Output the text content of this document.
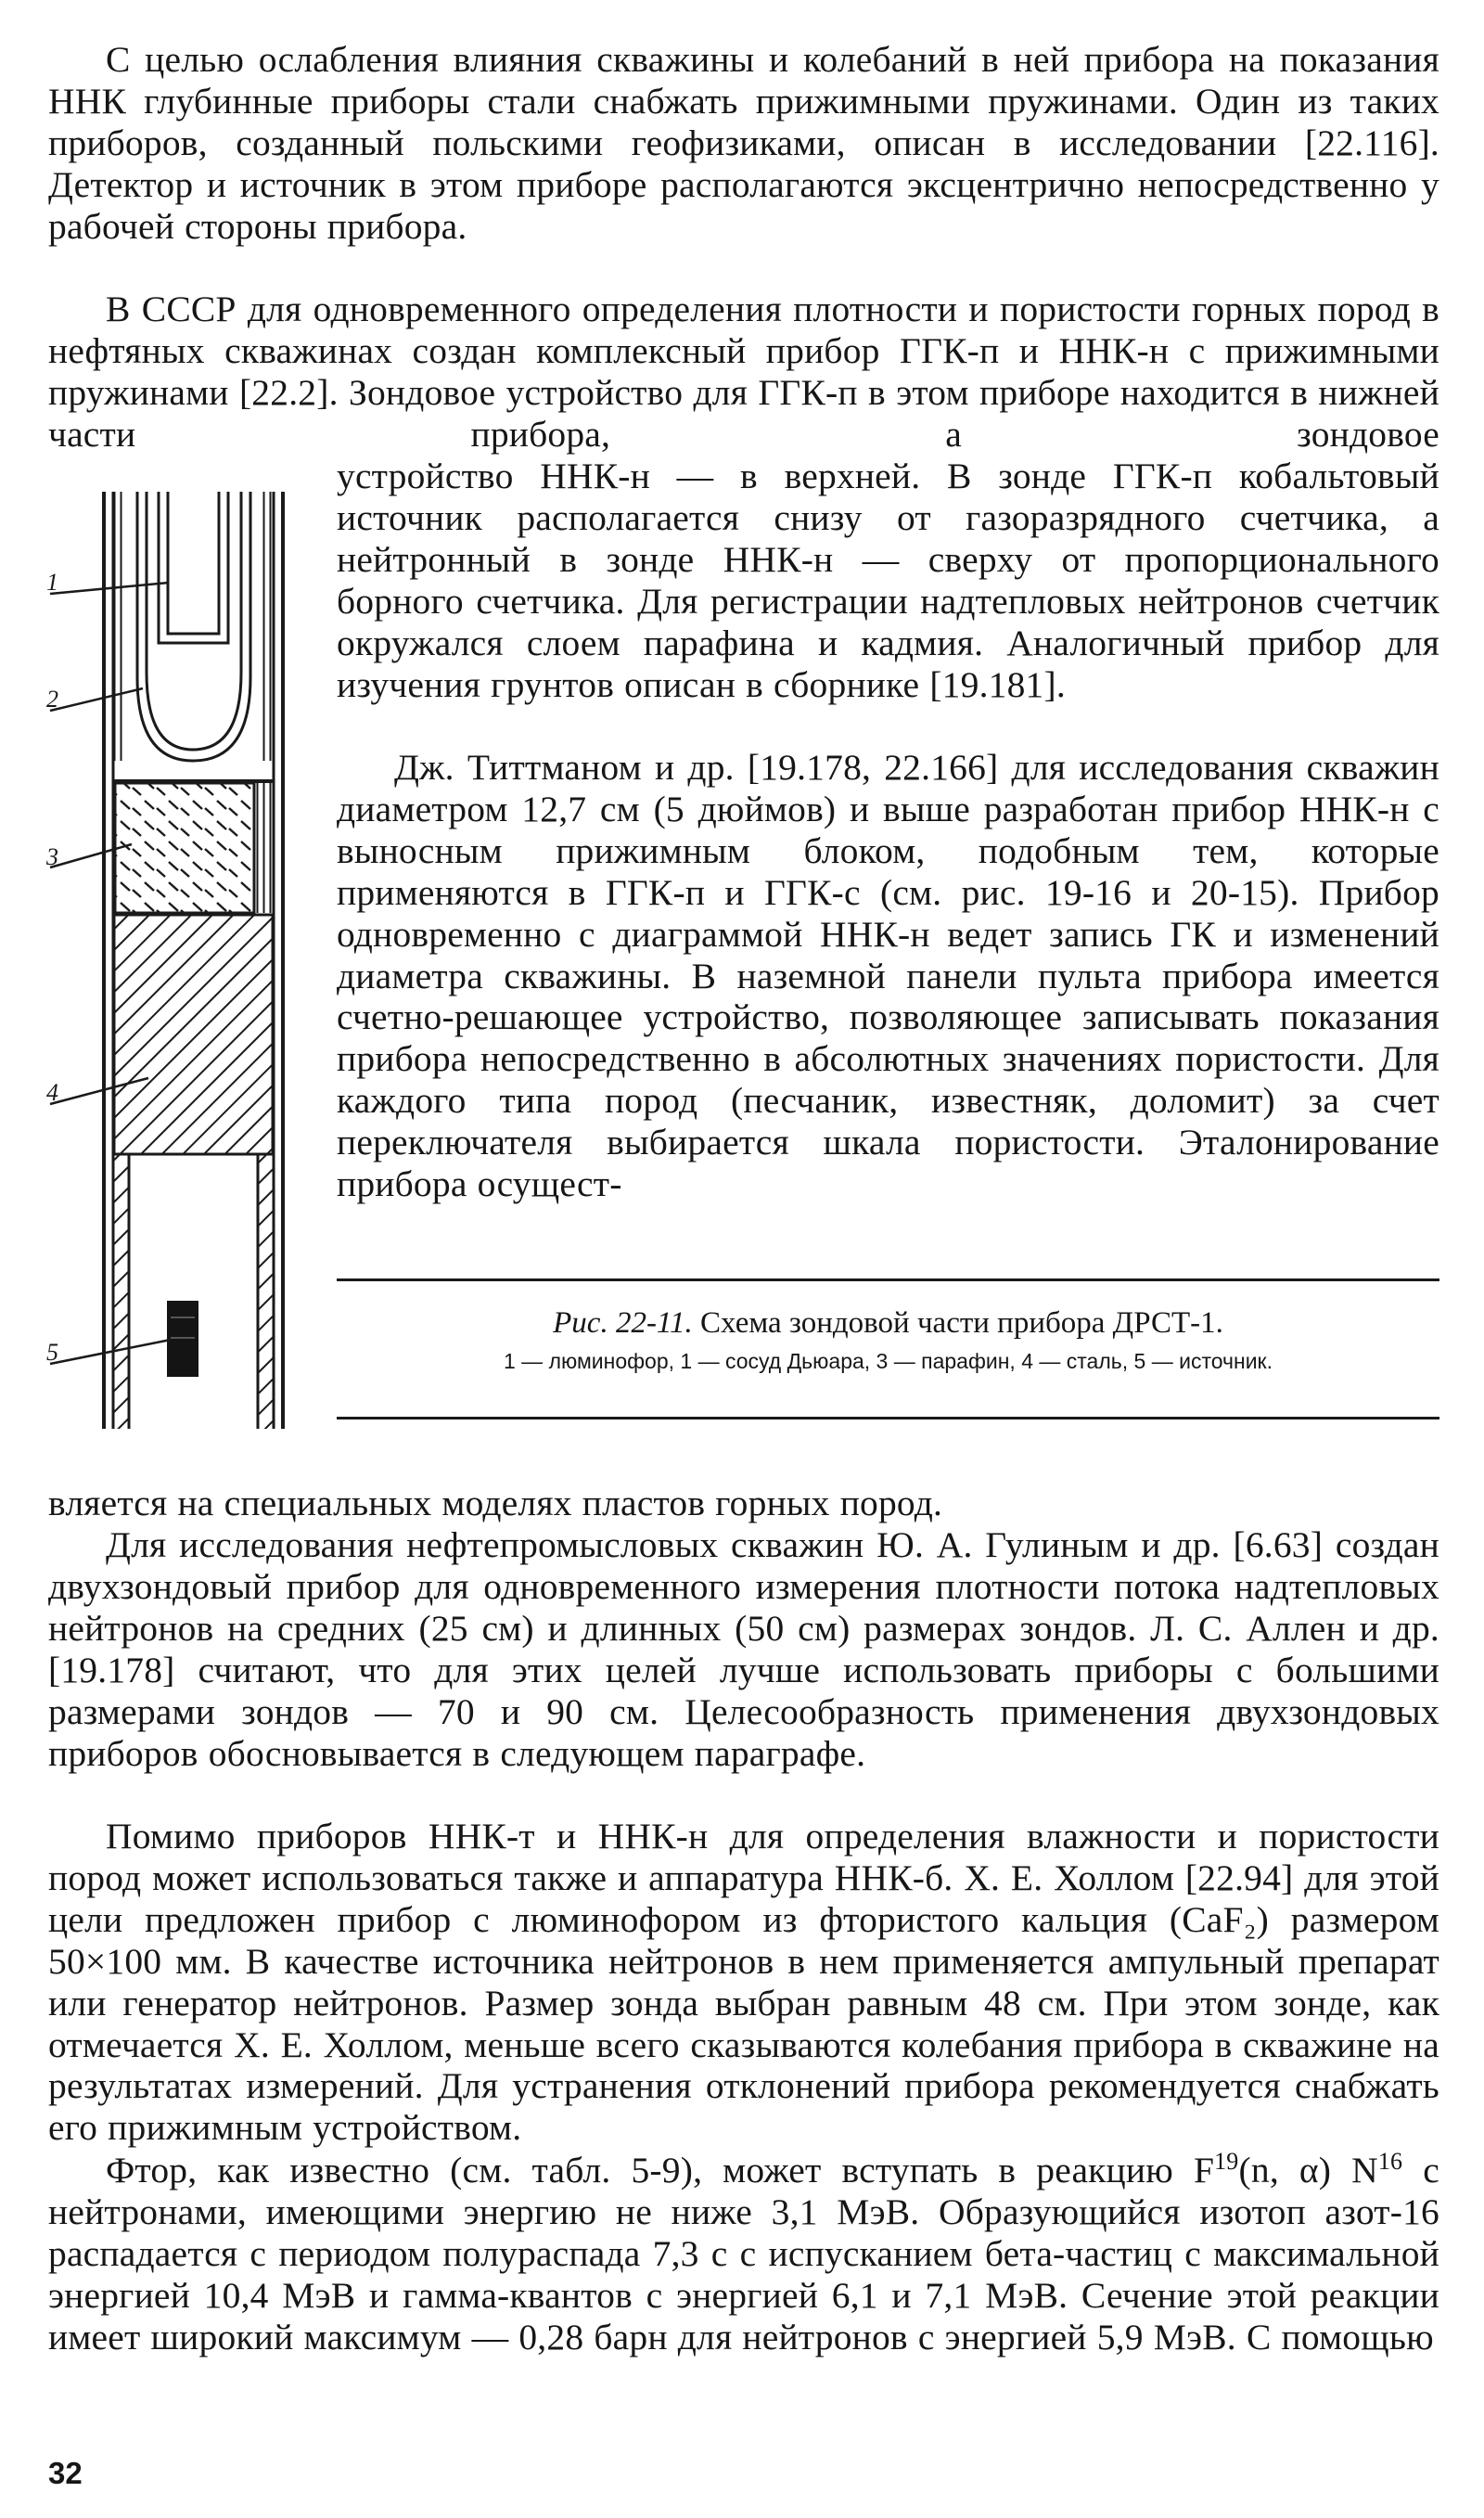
С целью ослабления влияния скважины и колебаний в ней прибора на показания ННК глубинные приборы стали снабжать прижимными пружинами. Один из таких приборов, созданный польскими геофизиками, описан в исследовании [22.116]. Детектор и источник в этом приборе располагаются эксцентрично непосредственно у рабочей стороны прибора.

В СССР для одновременного определения плотности и пористости горных пород в нефтяных скважинах создан комплексный прибор ГГК-п и ННК-н с прижимными пружинами [22.2]. Зондовое устройство для ГГК-п в этом приборе находится в нижней части прибора, а зондовое

устройство ННК-н — в верхней. В зонде ГГК-п кобальтовый источник располагается снизу от газоразрядного счетчика, а нейтронный в зонде ННК-н — сверху от пропорционального борного счетчика. Для регистрации надтепловых нейтронов счетчик окружался слоем парафина и кадмия. Аналогичный прибор для изучения грунтов описан в сборнике [19.181].

Дж. Титтманом и др. [19.178, 22.166] для исследования скважин диаметром 12,7 см (5 дюймов) и выше разработан прибор ННК-н с выносным прижимным блоком, подобным тем, которые применяются в ГГК-п и ГГК-с (см. рис. 19-16 и 20-15). Прибор одновременно с диаграммой ННК-н ведет запись ГК и изменений диаметра скважины. В наземной панели пульта прибора имеется счетно-решающее устройство, позволяющее записывать показания прибора непосредственно в абсолютных значениях пористости. Для каждого типа пород (песчаник, известняк, доломит) за счет переключателя выбирается шкала пористости. Эталонирование прибора осущест-

1
2
3
4
5

Рис. 22-11. Схема зондовой части прибора ДРСТ-1.

1 — люминофор, 1 — сосуд Дьюара, 3 — парафин, 4 — сталь, 5 — источник.

вляется на специальных моделях пластов горных пород.

Для исследования нефтепромысловых скважин Ю. А. Гулиным и др. [6.63] создан двухзондовый прибор для одновременного измерения плотности потока надтепловых нейтронов на средних (25 см) и длинных (50 см) размерах зондов. Л. С. Аллен и др. [19.178] считают, что для этих целей лучше использовать приборы с большими размерами зондов — 70 и 90 см. Целесообразность применения двухзондовых приборов обосновывается в следующем параграфе.

Помимо приборов ННК-т и ННК-н для определения влажности и пористости пород может использоваться также и аппаратура ННК-б. Х. Е. Холлом [22.94] для этой цели предложен прибор с люминофором из фтористого кальция (CaF₂) размером 50×100 мм. В качестве источника нейтронов в нем применяется ампульный препарат или генератор нейтронов. Размер зонда выбран равным 48 см. При этом зонде, как отмечается Х. Е. Холлом, меньше всего сказываются колебания прибора в скважине на результатах измерений. Для устранения отклонений прибора рекомендуется снабжать его прижимным устройством.

Фтор, как известно (см. табл. 5-9), может вступать в реакцию $F^{19}(n$, α) $N^{16}$ с нейтронами, имеющими энергию не ниже 3,1 МэВ. Образующийся изотоп азот-16 распадается с периодом полураспада 7,3 с с испусканием бета-частиц с максимальной энергией 10,4 МэВ и гамма-квантов с энергией 6,1 и 7,1 МэВ. Сечение этой реакции имеет широкий максимум — 0,28 барн для нейтронов с энергией 5,9 МэВ. С помощью

32
